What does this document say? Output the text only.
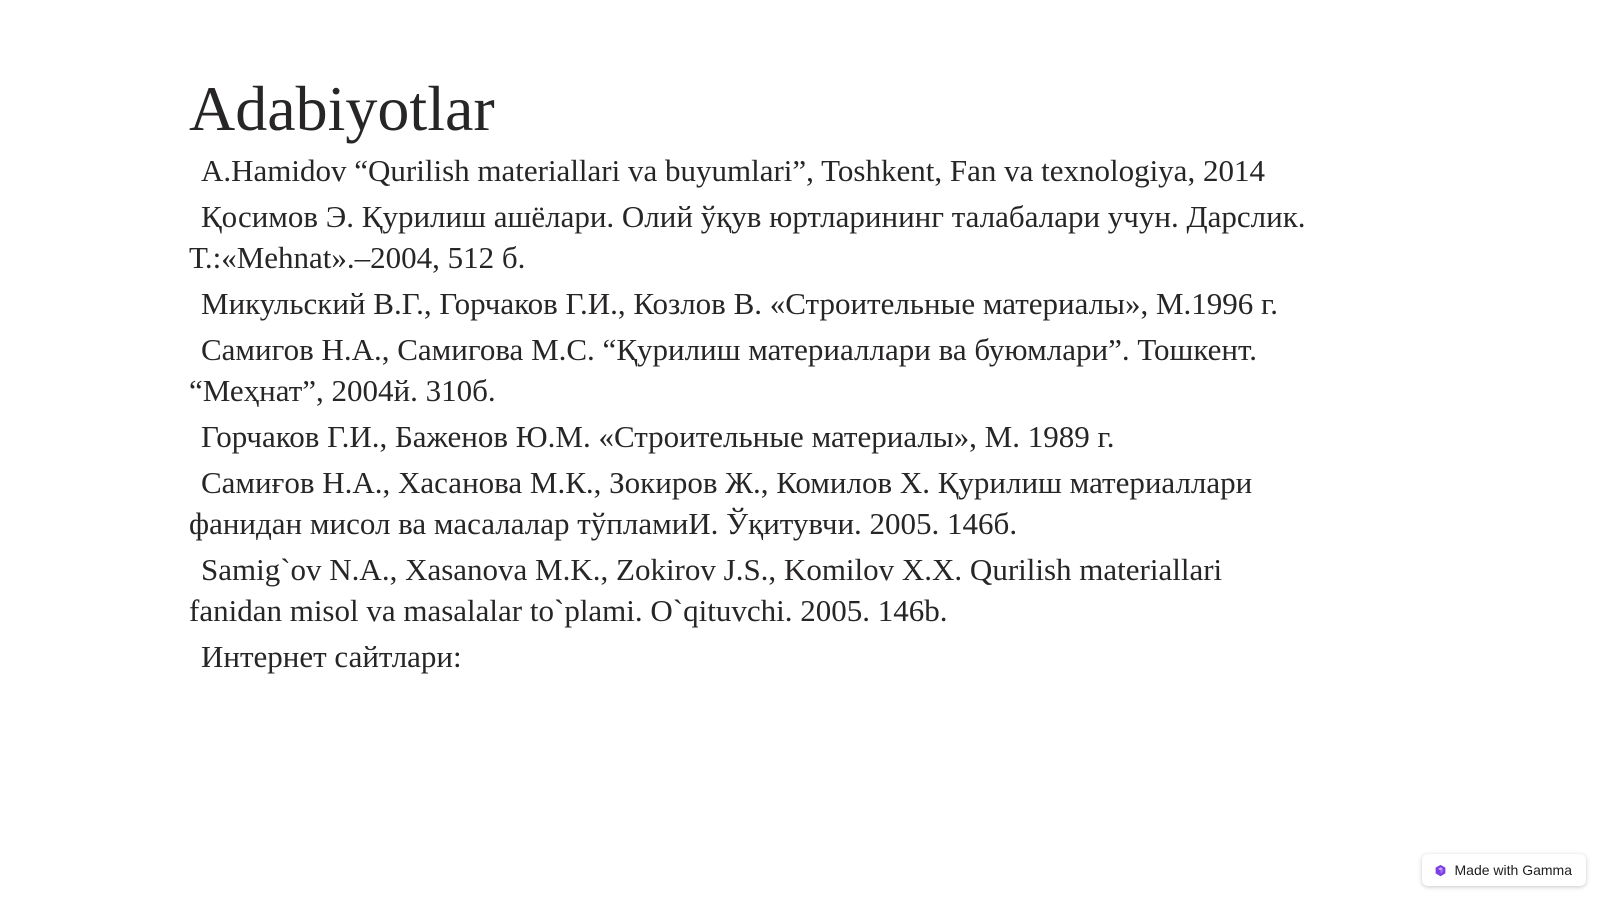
Adabiyotlar
A.Hamidov “Qurilish materiallari va buyumlari”, Toshkent, Fan va texnologiya, 2014
Қосимов Э. Қурилиш ашёлари. Олий ўқув юртларининг талабалари учун. Дарслик. Т.:«Mehnat».–2004, 512 б.
Микульский В.Г., Горчаков Г.И., Козлов В. «Строительные материалы», М.1996 г.
Самигов Н.А., Самигова М.С. “Қурилиш материаллари ва буюмлари”. Тошкент. “Меҳнат”, 2004й. 310б.
Горчаков Г.И., Баженов Ю.М. «Строительные материалы», М. 1989 г.
Самиғов Н.А., Хасанова М.К., Зокиров Ж., Комилов Х. Қурилиш материаллари фанидан мисол ва масалалар тўпламиИ. Ўқитувчи. 2005. 146б.
Samig`ov N.A., Xasanova M.K., Zokirov J.S., Komilov X.X. Qurilish materiallari fanidan misol va masalalar to`plami. O`qituvchi. 2005. 146b.
Интернет сайтлари:
Made with Gamma
